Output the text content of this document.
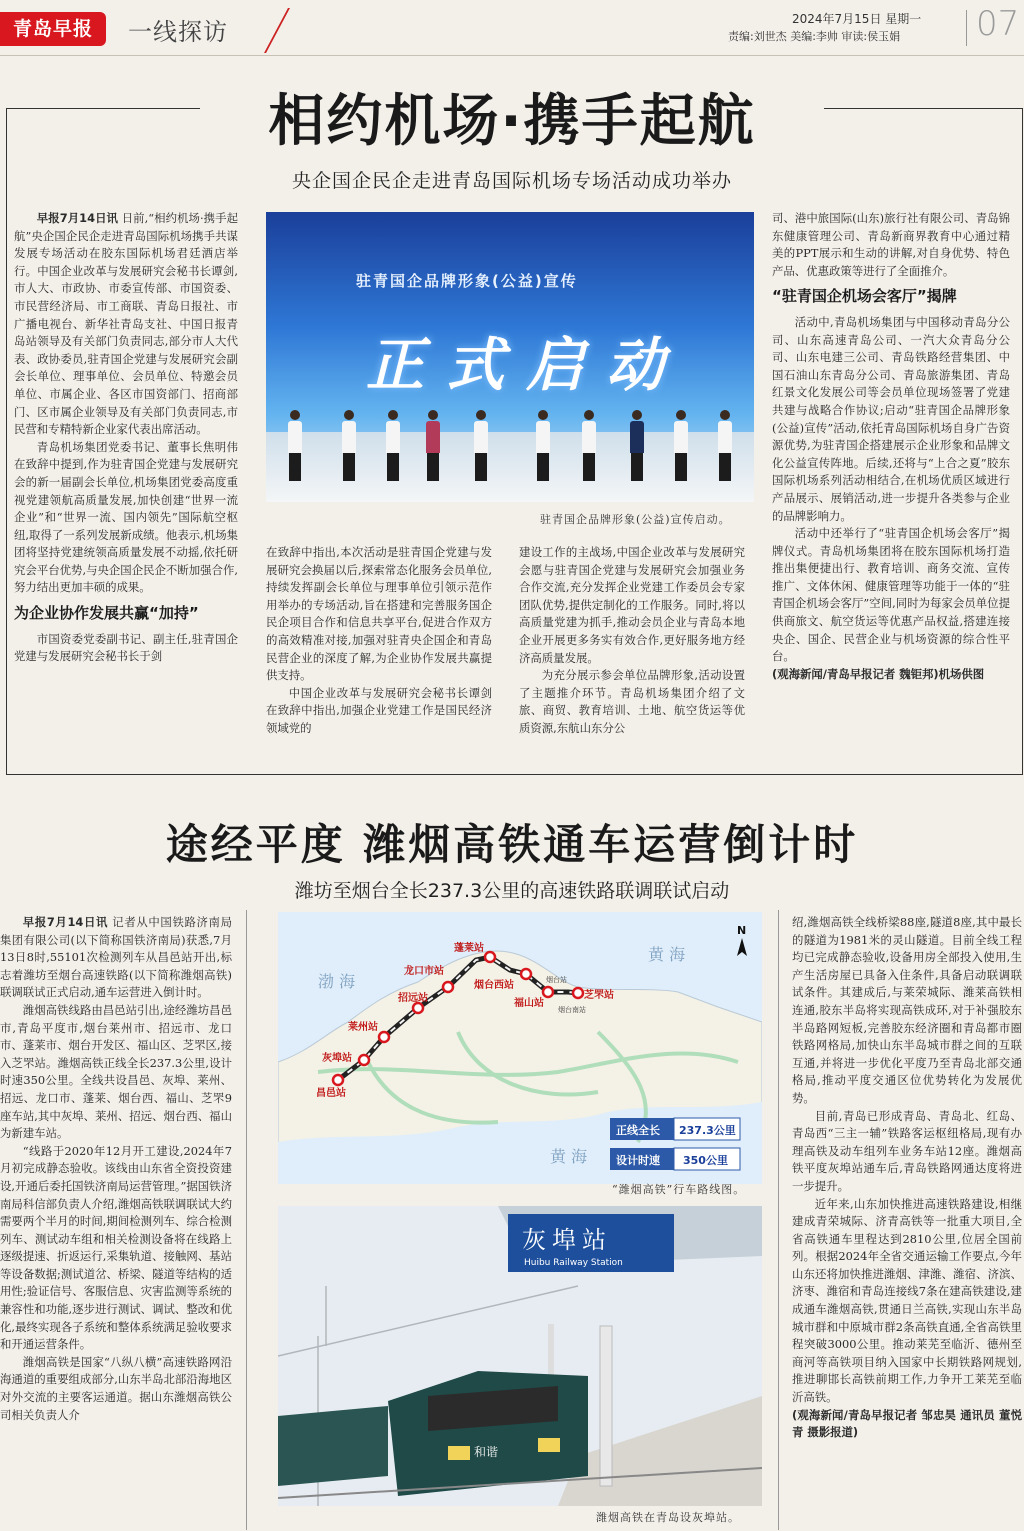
青岛早报	一线探访	2024年7月15日 星期一
责编:刘世杰 美编:李帅 审读:侯玉娟 07
相约机场·携手起航
央企国企民企走进青岛国际机场专场活动成功举办

早报7月14日讯 日前,“相约机场·携手起航”央企国企民企走进青岛国际机场携手共谋发展专场活动在胶东国际机场君廷酒店举行。中国企业改革与发展研究会秘书长谭剑,市人大、市政协、市委宣传部、市国资委、市民营经济局、市工商联、青岛日报社、市广播电视台、新华社青岛支社、中国日报青岛站领导及有关部门负责同志,部分市人大代表、政协委员,驻青国企党建与发展研究会副会长单位、理事单位、会员单位、特邀会员单位、市属企业、各区市国资部门、招商部门、区市属企业领导及有关部门负责同志,市民营和专精特新企业家代表出席活动。

青岛机场集团党委书记、董事长焦明伟在致辞中提到,作为驻青国企党建与发展研究会的新一届副会长单位,机场集团党委高度重视党建领航高质量发展,加快创建“世界一流企业”和“世界一流、国内领先”国际航空枢纽,取得了一系列发展新成绩。他表示,机场集团将坚持党建统领高质量发展不动摇,依托研究会平台优势,与央企国企民企不断加强合作,努力结出更加丰硕的成果。

为企业协作发展共赢“加持”

市国资委党委副书记、副主任,驻青国企党建与发展研究会秘书长于剑

驻青国企品牌形象(公益)宣传
正式启动
驻青国企品牌形象(公益)宣传启动。

在致辞中指出,本次活动是驻青国企党建与发展研究会换届以后,探索常态化服务会员单位,持续发挥副会长单位与理事单位引领示范作用举办的专场活动,旨在搭建和完善服务国企民企项目合作和信息共享平台,促进合作双方的高效精准对接,加强对驻青央企国企和青岛民营企业的深度了解,为企业协作发展共赢提供支持。

中国企业改革与发展研究会秘书长谭剑在致辞中指出,加强企业党建工作是国民经济领域党的

建设工作的主战场,中国企业改革与发展研究会愿与驻青国企党建与发展研究会加强业务合作交流,充分发挥企业党建工作委员会专家团队优势,提供定制化的工作服务。同时,将以高质量党建为抓手,推动会员企业与青岛本地企业开展更多务实有效合作,更好服务地方经济高质量发展。

为充分展示参会单位品牌形象,活动设置了主题推介环节。青岛机场集团介绍了文旅、商贸、教育培训、土地、航空货运等优质资源,东航山东分公

司、港中旅国际(山东)旅行社有限公司、青岛锦东健康管理公司、青岛新商界教育中心通过精美的PPT展示和生动的讲解,对自身优势、特色产品、优惠政策等进行了全面推介。

“驻青国企机场会客厅”揭牌

活动中,青岛机场集团与中国移动青岛分公司、山东高速青岛公司、一汽大众青岛分公司、山东电建三公司、青岛铁路经营集团、中国石油山东青岛分公司、青岛旅游集团、青岛红景文化发展公司等会员单位现场签署了党建共建与战略合作协议;启动“驻青国企品牌形象(公益)宣传”活动,依托青岛国际机场自身广告资源优势,为驻青国企搭建展示企业形象和品牌文化公益宣传阵地。后续,还将与“上合之夏”胶东国际机场系列活动相结合,在机场优质区域进行产品展示、展销活动,进一步提升各类参与企业的品牌影响力。

活动中还举行了“驻青国企机场会客厅”揭牌仪式。青岛机场集团将在胶东国际机场打造推出集便捷出行、教育培训、商务交流、宣传推广、文体休闲、健康管理等功能于一体的“驻青国企机场会客厅”空间,同时为每家会员单位提供商旅文、航空货运等优惠产品权益,搭建连接央企、国企、民营企业与机场资源的综合性平台。

(观海新闻/青岛早报记者 魏钜邦)机场供图

途经平度 潍烟高铁通车运营倒计时
潍坊至烟台全长237.3公里的高速铁路联调联试启动

早报7月14日讯 记者从中国铁路济南局集团有限公司(以下简称国铁济南局)获悉,7月13日8时,55101次检测列车从昌邑站开出,标志着潍坊至烟台高速铁路(以下简称潍烟高铁)联调联试正式启动,通车运营进入倒计时。

潍烟高铁线路由昌邑站引出,途经潍坊昌邑市,青岛平度市,烟台莱州市、招远市、龙口市、蓬莱市、烟台开发区、福山区、芝罘区,接入芝罘站。潍烟高铁正线全长237.3公里,设计时速350公里。全线共设昌邑、灰埠、莱州、招远、龙口市、蓬莱、烟台西、福山、芝罘9座车站,其中灰埠、莱州、招远、烟台西、福山为新建车站。

“线路于2020年12月开工建设,2024年7月初完成静态验收。该线由山东省全资投资建设,开通后委托国铁济南局运营管理。”据国铁济南局科信部负责人介绍,潍烟高铁联调联试大约需要两个半月的时间,期间检测列车、综合检测列车、测试动车组和相关检测设备将在线路上逐级提速、折返运行,采集轨道、接触网、基站等设备数据;测试道岔、桥梁、隧道等结构的适用性;验证信号、客服信息、灾害监测等系统的兼容性和功能,逐步进行测试、调试、整改和优化,最终实现各子系统和整体系统满足验收要求和开通运营条件。

潍烟高铁是国家“八纵八横”高速铁路网沿海通道的重要组成部分,山东半岛北部沿海地区对外交流的主要客运通道。据山东潍烟高铁公司相关负责人介

渤 海
黄 海
黄 海
N
昌邑站
灰埠站
莱州站
招远站
龙口市站
蓬莱站
烟台西站
福山站
芝罘站
烟台站
烟台南站
正线全长 237.3公里
设计时速 350公里
“潍烟高铁”行车路线图。
灰埠站
Huibu Railway Station
和谐
潍烟高铁在青岛设灰埠站。

绍,潍烟高铁全线桥梁88座,隧道8座,其中最长的隧道为1981米的灵山隧道。目前全线工程均已完成静态验收,设备用房全部投入使用,生产生活房屋已具备入住条件,具备启动联调联试条件。其建成后,与莱荣城际、潍莱高铁相连通,胶东半岛将实现高铁成环,对于补强胶东半岛路网短板,完善胶东经济圈和青岛都市圈铁路网格局,加快山东半岛城市群之间的互联互通,并将进一步优化平度乃至青岛北部交通格局,推动平度交通区位优势转化为发展优势。

目前,青岛已形成青岛、青岛北、红岛、青岛西“三主一辅”铁路客运枢纽格局,现有办理高铁及动车组列车业务车站12座。潍烟高铁平度灰埠站通车后,青岛铁路网通达度将进一步提升。

近年来,山东加快推进高速铁路建设,相继建成青荣城际、济青高铁等一批重大项目,全省高铁通车里程达到2810公里,位居全国前列。根据2024年全省交通运输工作要点,今年山东还将加快推进潍烟、津潍、潍宿、济滨、济枣、潍宿和青岛连接线7条在建高铁建设,建成通车潍烟高铁,贯通日兰高铁,实现山东半岛城市群和中原城市群2条高铁直通,全省高铁里程突破3000公里。推动莱芜至临沂、德州至商河等高铁项目纳入国家中长期铁路网规划,推进聊邯长高铁前期工作,力争开工莱芜至临沂高铁。

(观海新闻/青岛早报记者 邹忠昊 通讯员 董悦青 摄影报道)
